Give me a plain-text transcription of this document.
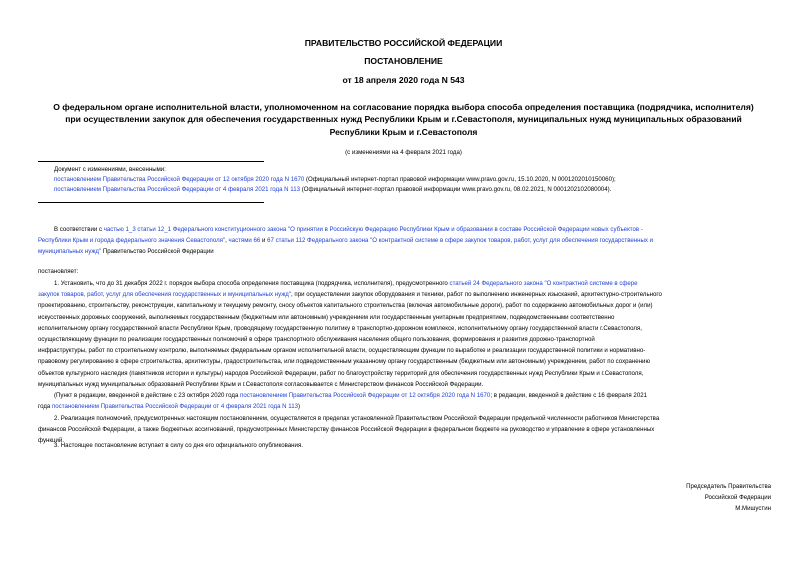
ПРАВИТЕЛЬСТВО РОССИЙСКОЙ ФЕДЕРАЦИИ
ПОСТАНОВЛЕНИЕ
от 18 апреля 2020 года N 543
О федеральном органе исполнительной власти, уполномоченном на согласование порядка выбора способа определения поставщика (подрядчика, исполнителя)
при осуществлении закупок для обеспечения государственных нужд Республики Крым и г.Севастополя, муниципальных нужд муниципальных образований
Республики Крым и г.Севастополя
(с изменениями на 4 февраля 2021 года)
Документ с изменениями, внесенными:
постановлением Правительства Российской Федерации от 12 октября 2020 года N 1670 (Официальный интернет-портал правовой информации www.pravo.gov.ru, 15.10.2020, N 0001202010150060);
постановлением Правительства Российской Федерации от 4 февраля 2021 года N 113 (Официальный интернет-портал правовой информации www.pravo.gov.ru, 08.02.2021, N 0001202102080004).
В соответствии с частью 1_3 статьи 12_1 Федерального конституционного закона "О принятии в Российскую Федерацию Республики Крым и образовании в составе Российской Федерации новых субъектов -
Республики Крым и города федерального значения Севастополя", частями 66 и 67 статьи 112 Федерального закона "О контрактной системе в сфере закупок товаров, работ, услуг для обеспечения государственных и
муниципальных нужд" Правительство Российской Федерации
постановляет:
1. Установить, что до 31 декабря 2022 г. порядок выбора способа определения поставщика (подрядчика, исполнителя), предусмотренного статьей 24 Федерального закона "О контрактной системе в сфере
закупок товаров, работ, услуг для обеспечения государственных и муниципальных нужд", при осуществлении закупок оборудования и техники, работ по выполнению инженерных изысканий, архитектурно-строительного
проектированию, строительству, реконструкции, капитальному и текущему ремонту, сносу объектов капитального строительства (включая автомобильные дороги), работ по содержанию автомобильных дорог и (или)
искусственных дорожных сооружений, выполняемых государственным (бюджетным или автономным) учреждением или государственным унитарным предприятием, подведомственными соответственно
исполнительному органу государственной власти Республики Крым, проводящему государственную политику в транспортно-дорожном комплексе, исполнительному органу государственной власти г.Севастополя,
осуществляющему функции по реализации государственных полномочий в сфере транспортного обслуживания населения общего пользования, формирования и развития дорожно-транспортной
инфраструктуры, работ по строительному контролю, выполняемых федеральным органом исполнительной власти, осуществляющим функции по выработке и реализации государственной политики и нормативно-
правовому регулированию в сфере строительства, архитектуры, градостроительства, или подведомственным указанному органу государственным (бюджетным или автономным) учреждением, работ по сохранению
объектов культурного наследия (памятников истории и культуры) народов Российской Федерации, работ по благоустройству территорий для обеспечения государственных нужд Республики Крым и г.Севастополя,
муниципальных нужд муниципальных образований Республики Крым и г.Севастополя согласовывается с Министерством финансов Российской Федерации.
(Пункт в редакции, введенной в действие с 23 октября 2020 года постановлением Правительства Российской Федерации от 12 октября 2020 года N 1670; в редакции, введенной в действие с 16 февраля 2021
года постановлением Правительства Российской Федерации от 4 февраля 2021 года N 113)
2. Реализация полномочий, предусмотренных настоящим постановлением, осуществляется в пределах установленной Правительством Российской Федерации предельной численности работников Министерства
финансов Российской Федерации, а также бюджетных ассигнований, предусмотренных Министерству финансов Российской Федерации в федеральном бюджете на руководство и управление в сфере установленных
функций.
3. Настоящее постановление вступает в силу со дня его официального опубликования.
Председатель Правительства
Российской Федерации
М.Мишустин
